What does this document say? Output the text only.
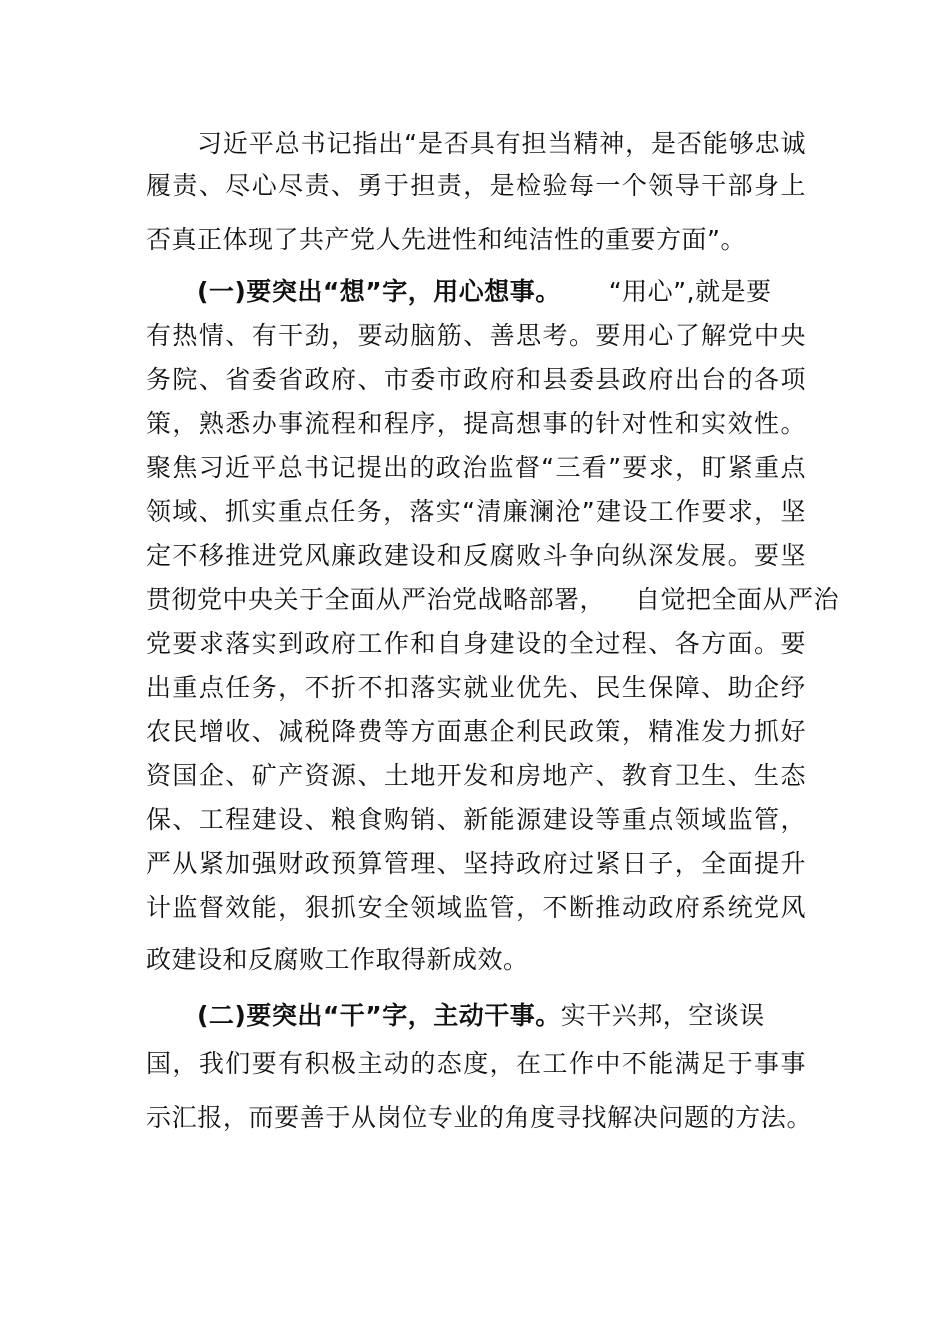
习近平总书记指出“是否具有担当精神，是否能够忠诚
履责、尽心尽责、勇于担责，是检验每一个领导干部身上
否真正体现了共产党人先进性和纯洁性的重要方面”。
(一)要突出“想”字，用心想事。 “用心”,就是要
有热情、有干劲，要动脑筋、善思考。要用心了解党中央
务院、省委省政府、市委市政府和县委县政府出台的各项
策，熟悉办事流程和程序，提高想事的针对性和实效性。
聚焦习近平总书记提出的政治监督“三看”要求，盯紧重点
领域、抓实重点任务，落实“清廉澜沧”建设工作要求，坚
定不移推进党风廉政建设和反腐败斗争向纵深发展。要坚
贯彻党中央关于全面从严治党战略部署， 自觉把全面从严治
党要求落实到政府工作和自身建设的全过程、各方面。要
出重点任务，不折不扣落实就业优先、民生保障、助企纾
农民增收、减税降费等方面惠企利民政策，精准发力抓好
资国企、矿产资源、土地开发和房地产、教育卫生、生态
保、工程建设、粮食购销、新能源建设等重点领域监管，
严从紧加强财政预算管理、坚持政府过紧日子，全面提升
计监督效能，狠抓安全领域监管，不断推动政府系统党风
政建设和反腐败工作取得新成效。
(二)要突出“干”字，主动干事。实干兴邦，空谈误
国，我们要有积极主动的态度，在工作中不能满足于事事
示汇报，而要善于从岗位专业的角度寻找解决问题的方法。
